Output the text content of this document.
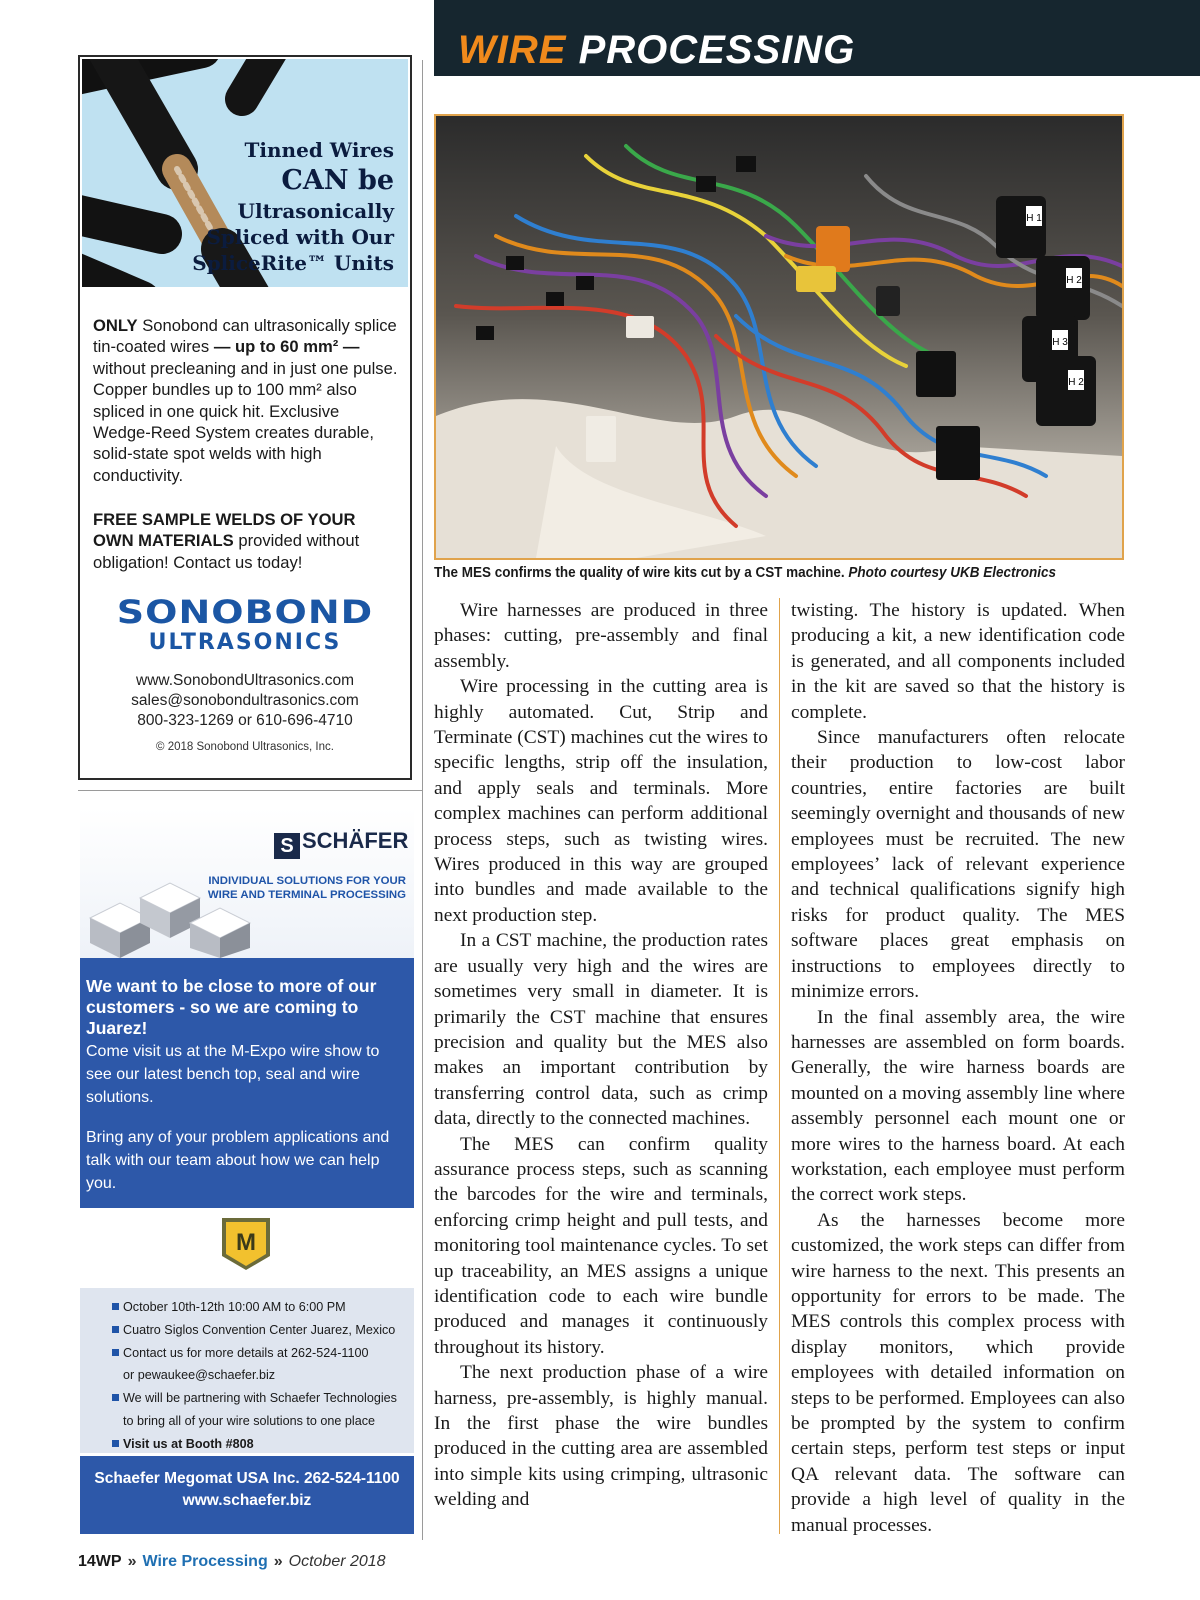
WIRE PROCESSING
Tinned Wires
CAN be
Ultrasonically
Spliced with Our
SpliceRite™ Units
ONLY Sonobond can ultrasonically splice tin-coated wires — up to 60 mm² — without precleaning and in just one pulse. Copper bundles up to 100 mm² also spliced in one quick hit. Exclusive Wedge-Reed System creates durable, solid-state spot welds with high conductivity.
FREE SAMPLE WELDS OF YOUR OWN MATERIALS provided without obligation! Contact us today!
SONOBOND
ULTRASONICS
www.SonobondUltrasonics.com
sales@sonobondultrasonics.com
800-323-1269 or 610-696-4710
© 2018 Sonobond Ultrasonics, Inc.
S SCHÄFER
INDIVIDUAL SOLUTIONS FOR YOUR WIRE AND TERMINAL PROCESSING
We want to be close to more of our customers - so we are coming to Juarez!
Come visit us at the M-Expo wire show to see our latest bench top, seal and wire solutions.
Bring any of your problem applications and talk with our team about how we can help you.
M
October 10th-12th 10:00 AM to 6:00 PM
Cuatro Siglos Convention Center Juarez, Mexico
Contact us for more details at 262-524-1100
or pewaukee@schaefer.biz
We will be partnering with Schaefer Technologies
to bring all of your wire solutions to one place
Visit us at Booth #808
Schaefer Megomat USA Inc. 262-524-1100
www.schaefer.biz
H 1
H 2
H 3
H 2
The MES confirms the quality of wire kits cut by a CST machine. Photo courtesy UKB Electronics

Wire harnesses are produced in three phases: cutting, pre-assembly and final assembly.

Wire processing in the cutting area is highly automated. Cut, Strip and Terminate (CST) machines cut the wires to specific lengths, strip off the insulation, and apply seals and terminals. More complex machines can perform additional process steps, such as twisting wires. Wires produced in this way are grouped into bundles and made available to the next production step.

In a CST machine, the production rates are usually very high and the wires are sometimes very small in diameter. It is primarily the CST machine that ensures precision and quality but the MES also makes an important contribution by transferring control data, such as crimp data, directly to the connected machines.

The MES can confirm quality assurance process steps, such as scanning the barcodes for the wire and terminals, enforcing crimp height and pull tests, and monitoring tool maintenance cycles. To set up traceability, an MES assigns a unique identification code to each wire bundle produced and manages it continuously throughout its history.

The next production phase of a wire harness, pre-assembly, is highly manual. In the first phase the wire bundles produced in the cutting area are assembled into simple kits using crimping, ultrasonic welding and

twisting. The history is updated. When producing a kit, a new identification code is generated, and all components included in the kit are saved so that the history is complete.

Since manufacturers often relocate their production to low-cost labor countries, entire factories are built seemingly overnight and thousands of new employees must be recruited. The new employees’ lack of relevant experience and technical qualifications signify high risks for product quality. The MES software places great emphasis on instructions to employees directly to minimize errors.

In the final assembly area, the wire harnesses are assembled on form boards. Generally, the wire harness boards are mounted on a moving assembly line where assembly personnel each mount one or more wires to the harness board. At each workstation, each employee must perform the correct work steps.

As the harnesses become more customized, the work steps can differ from wire harness to the next. This presents an opportunity for errors to be made. The MES controls this complex process with display monitors, which provide employees with detailed information on steps to be performed. Employees can also be prompted by the system to confirm certain steps, perform test steps or input QA relevant data. The software can provide a high level of quality in the manual processes.

14WP » Wire Processing » October 2018
